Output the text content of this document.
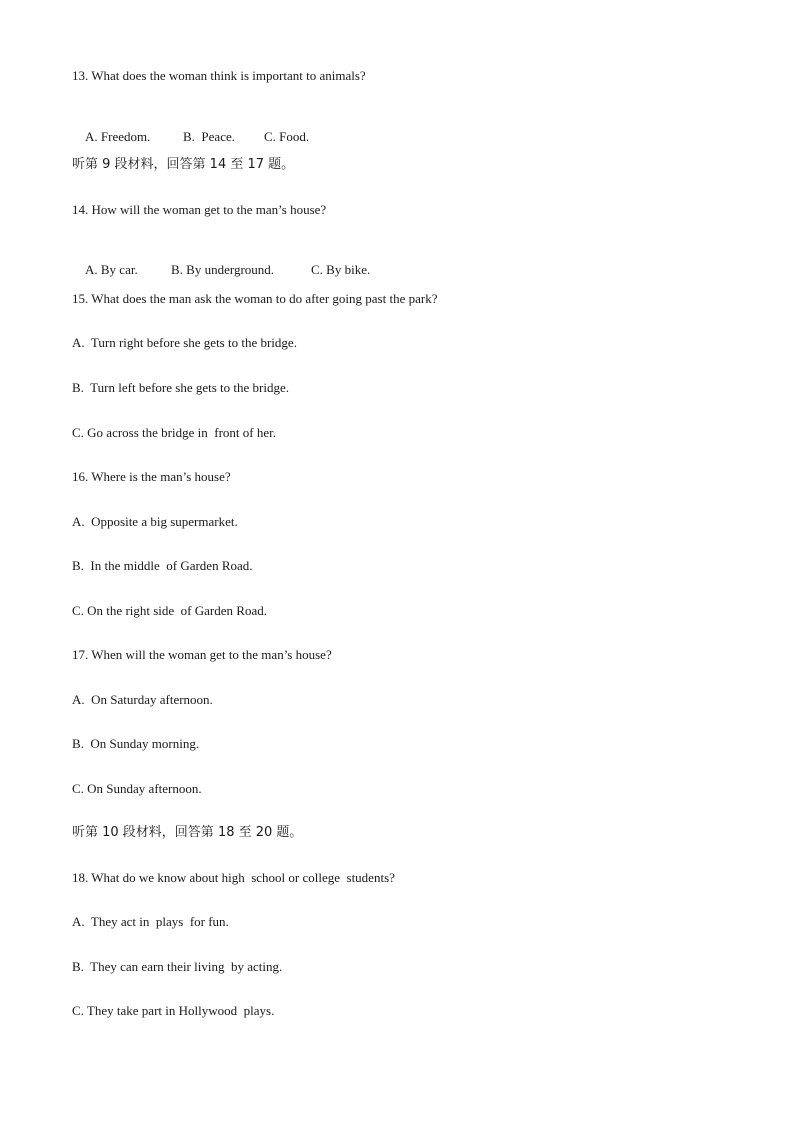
13. What does the woman think is important to animals?

A. Freedom.	B.  Peace. C. Food.

听第 9 段材料，回答第 14 至 17 题。
14. How will the woman get to the man’s house?

A. By car.	B. By underground.	C. By bike.

15. What does the man ask the woman to do after going past the park?
A.  Turn right before she gets to the bridge.
B.  Turn left before she gets to the bridge.
C. Go across the bridge in  front of her.
16. Where is the man’s house?
A.  Opposite a big supermarket.
B.  In the middle  of Garden Road.
C. On the right side  of Garden Road.
17. When will the woman get to the man’s house?
A.  On Saturday afternoon.
B.  On Sunday morning.
C. On Sunday afternoon.
听第 10 段材料，回答第 18 至 20 题。
18. What do we know about high  school or college  students?
A.  They act in  plays  for fun.
B.  They can earn their living  by acting.
C. They take part in Hollywood  plays.
